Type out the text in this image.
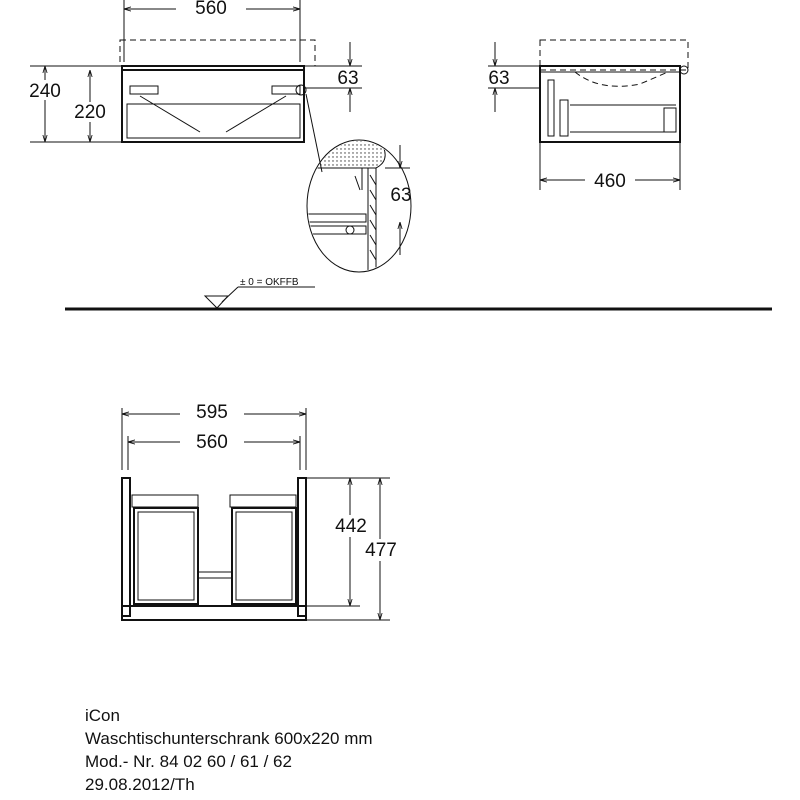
560
240
220
63
63
63
460
± 0 = OKFFB
595
560
442
477
iCon
Waschtischunterschrank 600x220 mm
Mod.- Nr. 84 02 60 / 61 / 62
29.08.2012/Th
